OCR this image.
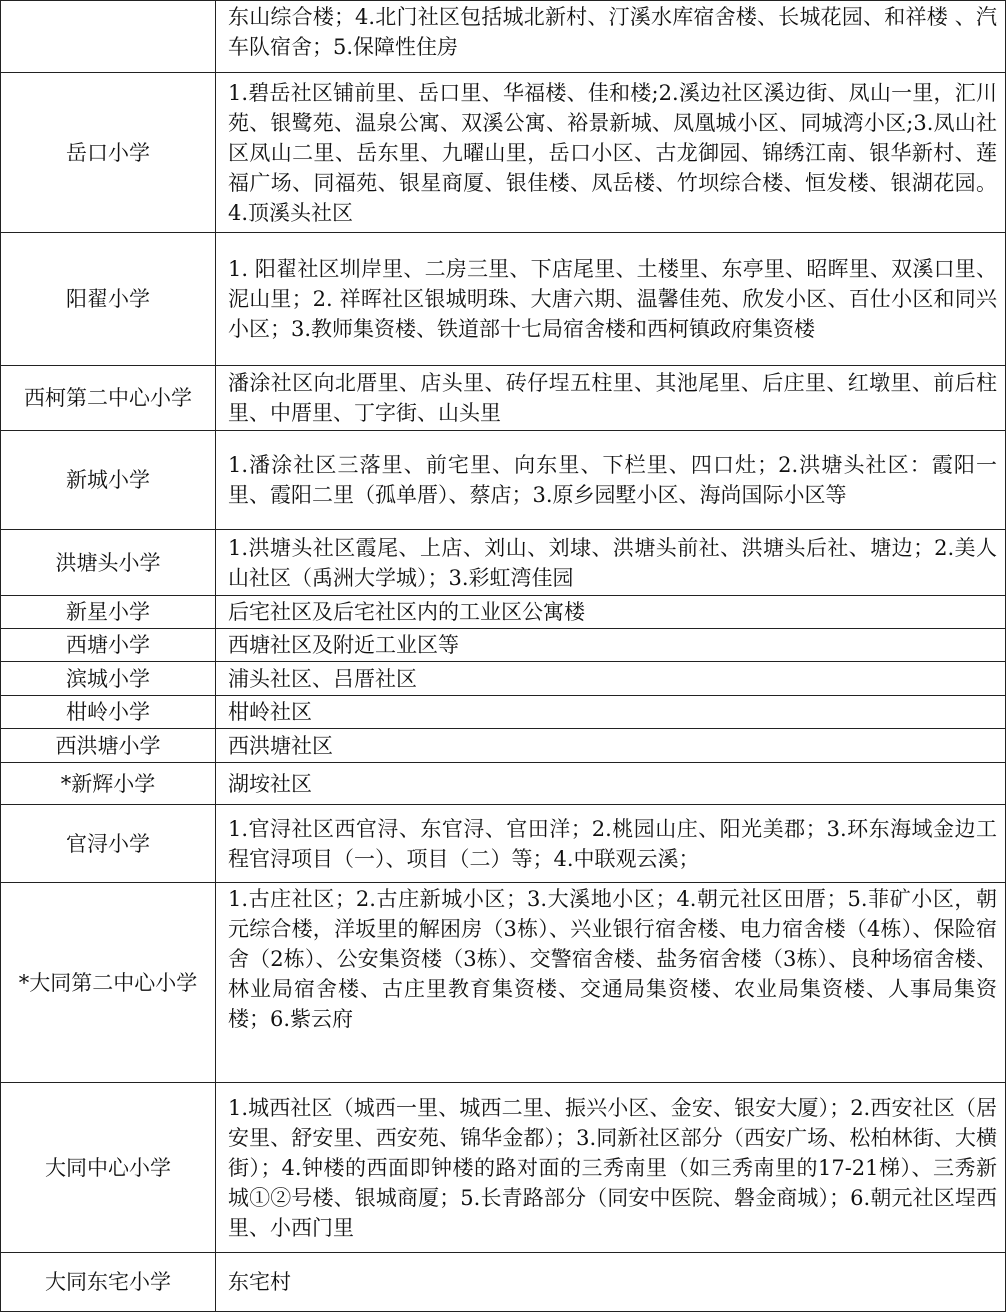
	东山综合楼；4.北门社区包括城北新村、汀溪水库宿舍楼、长城花园、和祥楼 、汽车队宿舍；5.保障性住房
岳口小学	1.碧岳社区铺前里、岳口里、华福楼、佳和楼;2.溪边社区溪边街、凤山一里，汇川苑、银鹭苑、温泉公寓、双溪公寓、裕景新城、凤凰城小区、同城湾小区;3.凤山社区凤山二里、岳东里、九曜山里，岳口小区、古龙御园、锦绣江南、银华新村、莲福广场、同福苑、银星商厦、银佳楼、凤岳楼、竹坝综合楼、恒发楼、银湖花园。4.顶溪头社区
阳翟小学	1. 阳翟社区圳岸里、二房三里、下店尾里、土楼里、东亭里、昭晖里、双溪口里、泥山里；2. 祥晖社区银城明珠、大唐六期、温馨佳苑、欣发小区、百仕小区和同兴小区；3.教师集资楼、铁道部十七局宿舍楼和西柯镇政府集资楼
西柯第二中心小学	潘涂社区向北厝里、店头里、砖仔埕五柱里、其池尾里、后庄里、红墩里、前后柱里、中厝里、丁字街、山头里
新城小学	1.潘涂社区三落里、前宅里、向东里、下栏里、四口灶；2.洪塘头社区：霞阳一里、霞阳二里（孤单厝）、蔡店；3.原乡园墅小区、海尚国际小区等
洪塘头小学	1.洪塘头社区霞尾、上店、刘山、刘埭、洪塘头前社、洪塘头后社、塘边；2.美人山社区（禹洲大学城）；3.彩虹湾佳园
新星小学	后宅社区及后宅社区内的工业区公寓楼
西塘小学	西塘社区及附近工业区等
滨城小学	浦头社区、吕厝社区
柑岭小学	柑岭社区
西洪塘小学	西洪塘社区
*新辉小学	湖垵社区
官浔小学	1.官浔社区西官浔、东官浔、官田洋；2.桃园山庄、阳光美郡；3.环东海域金边工程官浔项目（一）、项目（二）等；4.中联观云溪；
*大同第二中心小学	1.古庄社区；2.古庄新城小区；3.大溪地小区；4.朝元社区田厝；5.菲矿小区，朝元综合楼，洋坂里的解困房（3栋）、兴业银行宿舍楼、电力宿舍楼（4栋）、保险宿舍（2栋）、公安集资楼（3栋）、交警宿舍楼、盐务宿舍楼（3栋）、良种场宿舍楼、林业局宿舍楼、古庄里教育集资楼、交通局集资楼、农业局集资楼、人事局集资楼；6.紫云府
大同中心小学	1.城西社区（城西一里、城西二里、振兴小区、金安、银安大厦）；2.西安社区（居安里、舒安里、西安苑、锦华金都）；3.同新社区部分（西安广场、松柏林街、大横街）；4.钟楼的西面即钟楼的路对面的三秀南里（如三秀南里的17-21梯）、三秀新城①②号楼、银城商厦；5.长青路部分（同安中医院、磐金商城）；6.朝元社区埕西里、小西门里
大同东宅小学	东宅村
